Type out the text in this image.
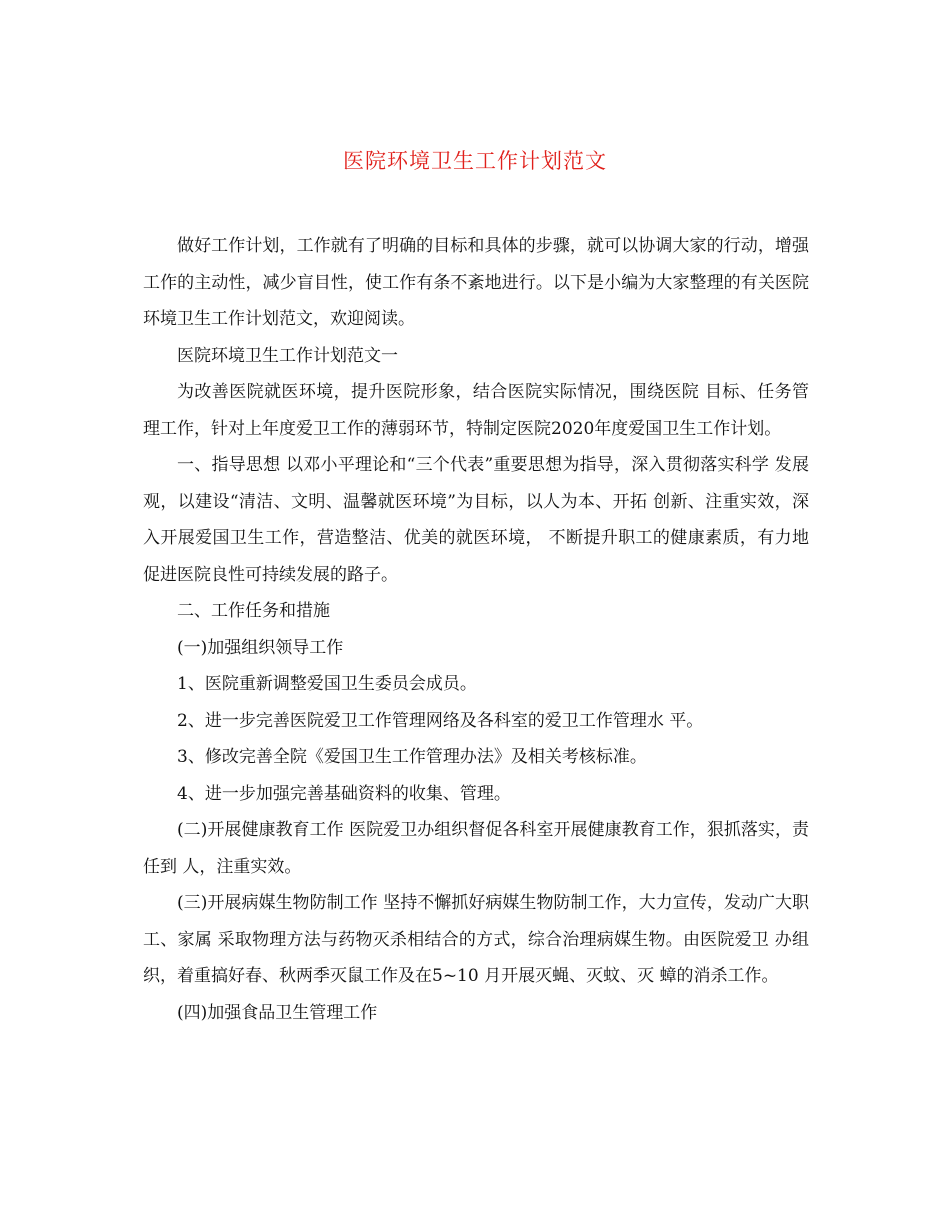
医院环境卫生工作计划范文

做好工作计划，工作就有了明确的目标和具体的步骤，就可以协调大家的行动，增强工作的主动性，减少盲目性，使工作有条不紊地进行。以下是小编为大家整理的有关医院环境卫生工作计划范文，欢迎阅读。

医院环境卫生工作计划范文一

为改善医院就医环境，提升医院形象，结合医院实际情况，围绕医院 目标、任务管理工作，针对上年度爱卫工作的薄弱环节，特制定医院2020年度爱国卫生工作计划。

一、指导思想 以邓小平理论和“三个代表”重要思想为指导，深入贯彻落实科学 发展观，以建设“清洁、文明、温馨就医环境”为目标，以人为本、开拓 创新、注重实效，深入开展爱国卫生工作，营造整洁、优美的就医环境， 不断提升职工的健康素质，有力地促进医院良性可持续发展的路子。

二、工作任务和措施

(一)加强组织领导工作

1、医院重新调整爱国卫生委员会成员。

2、进一步完善医院爱卫工作管理网络及各科室的爱卫工作管理水 平。

3、修改完善全院《爱国卫生工作管理办法》及相关考核标准。

4、进一步加强完善基础资料的收集、管理。

(二)开展健康教育工作 医院爱卫办组织督促各科室开展健康教育工作，狠抓落实，责任到 人，注重实效。

(三)开展病媒生物防制工作 坚持不懈抓好病媒生物防制工作，大力宣传，发动广大职工、家属 采取物理方法与药物灭杀相结合的方式，综合治理病媒生物。由医院爱卫 办组织，着重搞好春、秋两季灭鼠工作及在5~10 月开展灭蝇、灭蚊、灭 蟑的消杀工作。

(四)加强食品卫生管理工作
